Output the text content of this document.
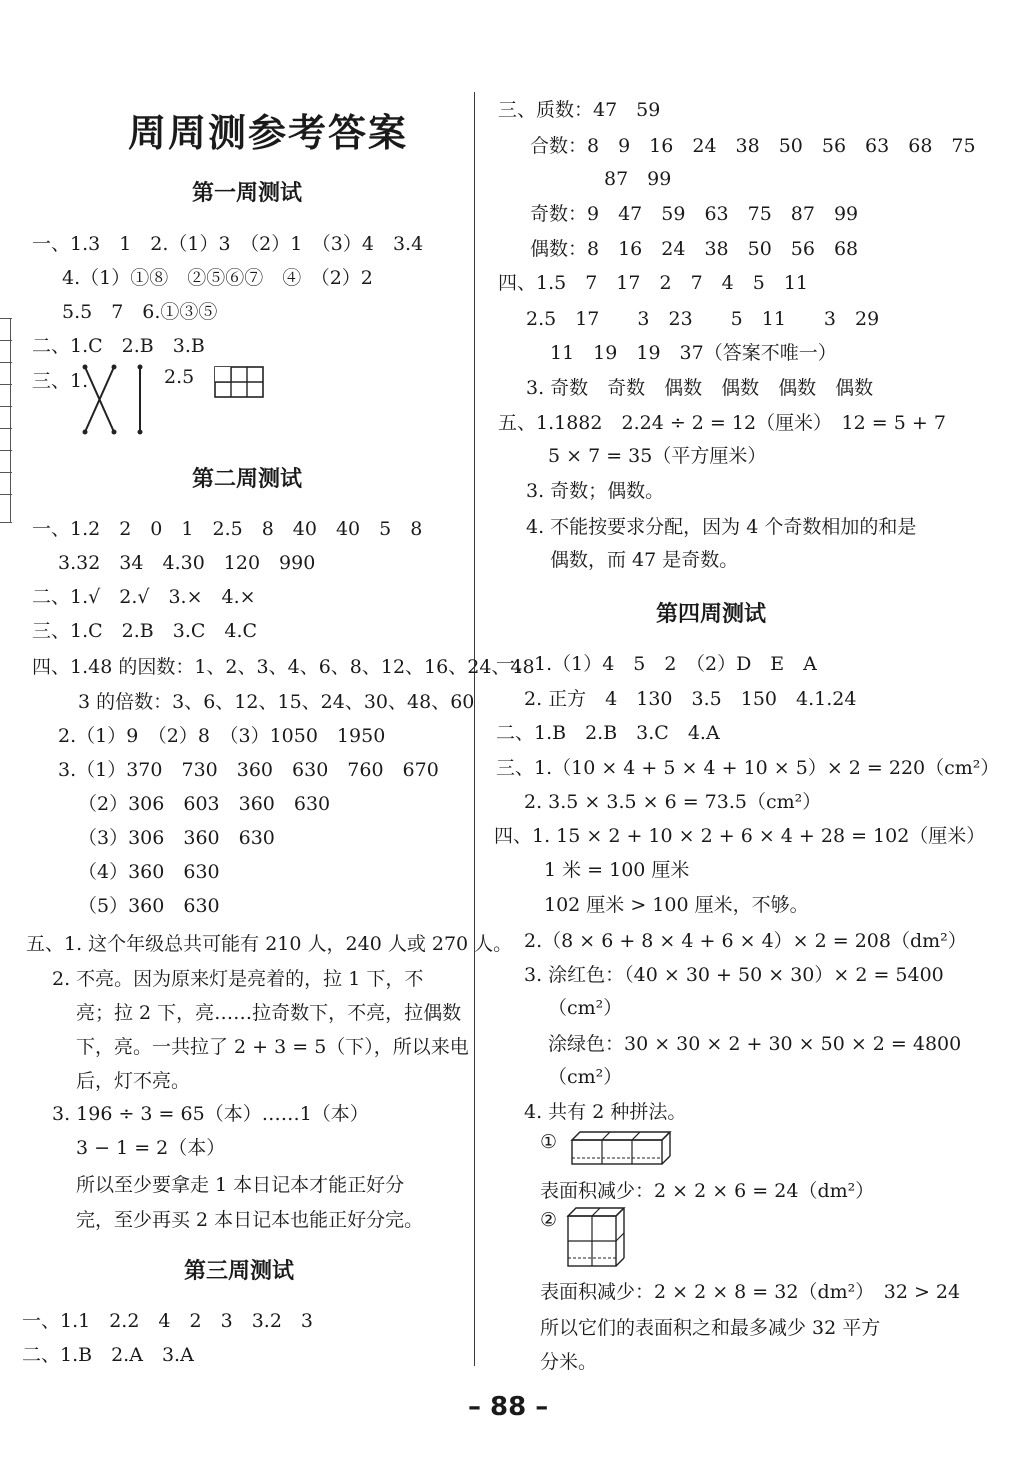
周周测参考答案
第一周测试
一、1.3　1　2.（1）3　（2）1　（3）4　3.4
4.（1）①⑧　②⑤⑥⑦　④　（2）2
5.5　7　6.①③⑤
二、1.C　2.B　3.B
三、1.	2.5
第二周测试
一、1.2　2　0　1　2.5　8　40　40　5　8
3.32　34　4.30　120　990
二、1.√　2.√　3.×　4.×
三、1.C　2.B　3.C　4.C
四、1.48 的因数：1、2、3、4、6、8、12、16、24、48
3 的倍数：3、6、12、15、24、30、48、60
2.（1）9　（2）8　（3）1050　1950
3.（1）370　730　360　630　760　670
（2）306　603　360　630
（3）306　360　630
（4）360　630
（5）360　630
五、1. 这个年级总共可能有 210 人，240 人或 270 人。
2. 不亮。因为原来灯是亮着的，拉 1 下，不
亮；拉 2 下，亮……拉奇数下，不亮，拉偶数
下，亮。一共拉了 2 + 3 = 5（下），所以来电
后，灯不亮。
3. 196 ÷ 3 = 65（本）……1（本）
3 − 1 = 2（本）
所以至少要拿走 1 本日记本才能正好分
完，至少再买 2 本日记本也能正好分完。
第三周测试
一、1.1　2.2　4　2　3　3.2　3
二、1.B　2.A　3.A
三、质数：47　59
合数：8　9　16　24　38　50　56　63　68　75
87　99
奇数：9　47　59　63　75　87　99
偶数：8　16　24　38　50　56　68
四、1.5　7　17　2　7　4　5　11
2.5　17　　3　23　　5　11　　3　29
11　19　19　37（答案不唯一）
3. 奇数　奇数　偶数　偶数　偶数　偶数
五、1.1882　2.24 ÷ 2 = 12（厘米）　12 = 5 + 7
5 × 7 = 35（平方厘米）
3. 奇数；偶数。
4. 不能按要求分配，因为 4 个奇数相加的和是
偶数，而 47 是奇数。
第四周测试
一、1.（1）4　5　2　（2）D　E　A
2. 正方　4　130　3.5　150　4.1.24
二、1.B　2.B　3.C　4.A
三、1.（10 × 4 + 5 × 4 + 10 × 5）× 2 = 220（cm²）
2. 3.5 × 3.5 × 6 = 73.5（cm²）
四、1. 15 × 2 + 10 × 2 + 6 × 4 + 28 = 102（厘米）
1 米 = 100 厘米
102 厘米 > 100 厘米，不够。
2.（8 × 6 + 8 × 4 + 6 × 4）× 2 = 208（dm²）
3. 涂红色：（40 × 30 + 50 × 30）× 2 = 5400
（cm²）
涂绿色：30 × 30 × 2 + 30 × 50 × 2 = 4800
（cm²）
4. 共有 2 种拼法。
①
表面积减少：2 × 2 × 6 = 24（dm²）
②
表面积减少：2 × 2 × 8 = 32（dm²）　32 > 24
所以它们的表面积之和最多减少 32 平方
分米。
– 88 –
